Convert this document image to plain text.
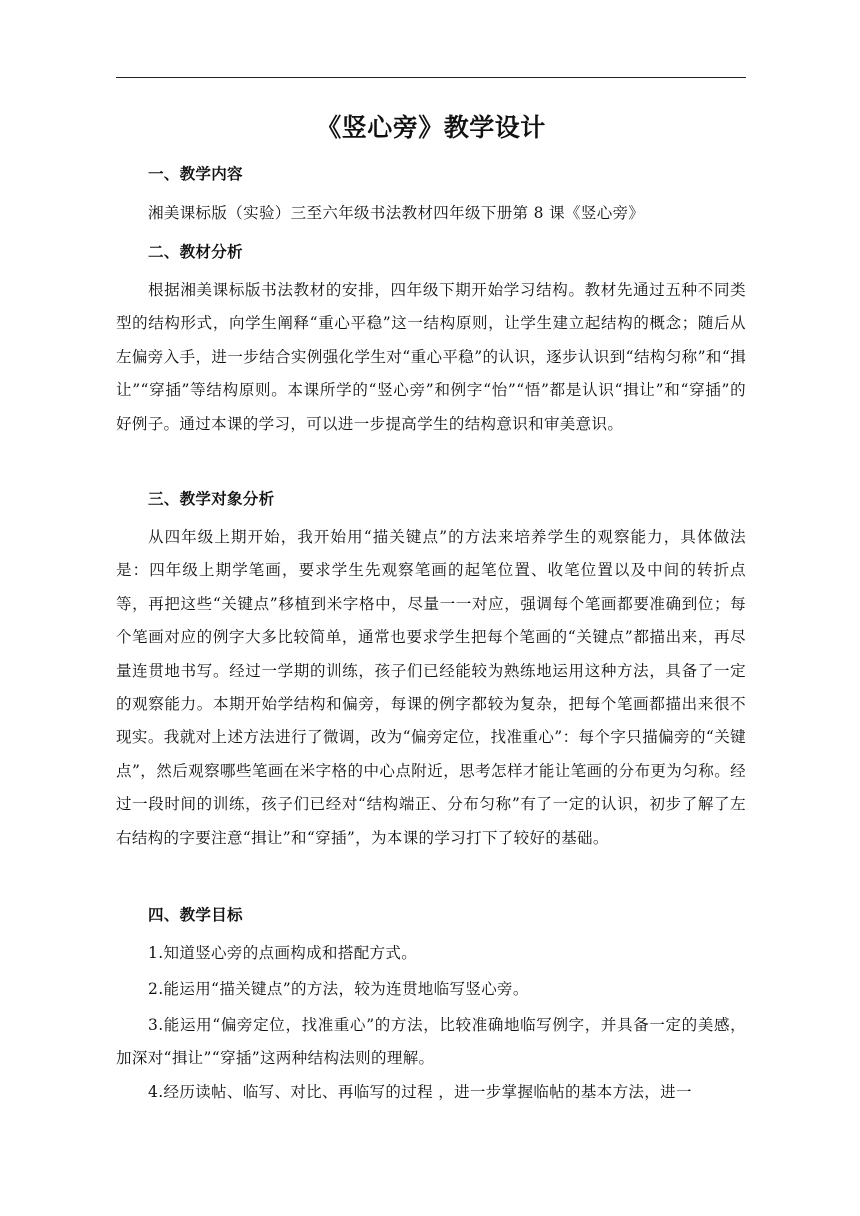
《竖心旁》教学设计
一、教学内容
湘美课标版（实验）三至六年级书法教材四年级下册第 8 课《竖心旁》
二、教材分析
根据湘美课标版书法教材的安排，四年级下期开始学习结构。教材先通过五种不同类型的结构形式，向学生阐释“重心平稳”这一结构原则，让学生建立起结构的概念；随后从左偏旁入手，进一步结合实例强化学生对“重心平稳”的认识，逐步认识到“结构匀称”和“揖让”“穿插”等结构原则。本课所学的“竖心旁”和例字“怡”“悟”都是认识“揖让”和“穿插”的好例子。通过本课的学习，可以进一步提高学生的结构意识和审美意识。
三、教学对象分析
从四年级上期开始，我开始用“描关键点”的方法来培养学生的观察能力，具体做法是：四年级上期学笔画，要求学生先观察笔画的起笔位置、收笔位置以及中间的转折点等，再把这些“关键点”移植到米字格中，尽量一一对应，强调每个笔画都要准确到位；每个笔画对应的例字大多比较简单，通常也要求学生把每个笔画的“关键点”都描出来，再尽量连贯地书写。经过一学期的训练，孩子们已经能较为熟练地运用这种方法，具备了一定的观察能力。本期开始学结构和偏旁，每课的例字都较为复杂，把每个笔画都描出来很不现实。我就对上述方法进行了微调，改为“偏旁定位，找准重心”：每个字只描偏旁的“关键点”，然后观察哪些笔画在米字格的中心点附近，思考怎样才能让笔画的分布更为匀称。经过一段时间的训练，孩子们已经对“结构端正、分布匀称”有了一定的认识，初步了解了左右结构的字要注意“揖让”和“穿插”，为本课的学习打下了较好的基础。
四、教学目标
1.知道竖心旁的点画构成和搭配方式。
2.能运用“描关键点”的方法，较为连贯地临写竖心旁。
3.能运用“偏旁定位，找准重心”的方法，比较准确地临写例字，并具备一定的美感，加深对“揖让”“穿插”这两种结构法则的理解。
4.经历读帖、临写、对比、再临写的过程 ，进一步掌握临帖的基本方法，进一
